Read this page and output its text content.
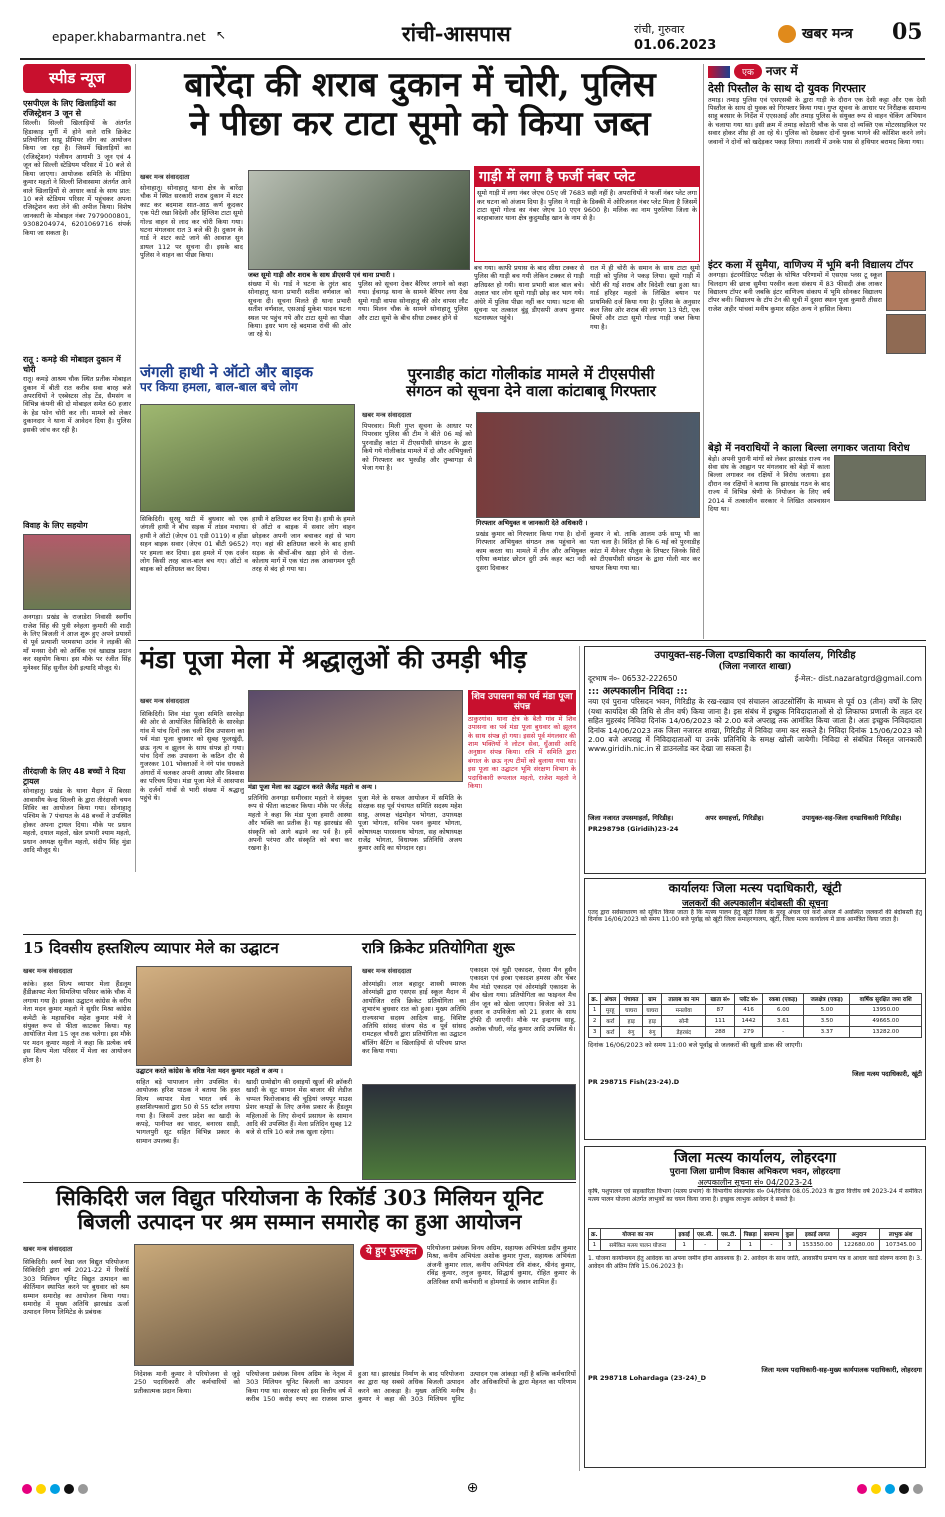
epaper.khabarmantra.net ↖	रांची-आसपास	रांची, गुरुवार
01.06.2023
खबर मन्त्र 05
स्पीड न्यूज
एसपीएल के लिए खिलाड़ियों का रजिस्ट्रेशन 3 जून से
सिल्ली। सिल्ली खिलाड़ियों के अंतर्गत हिडाकाड़ मुर्गी में होने वाले रात्रि क्रिकेट प्रतियोगिता साप्रू प्रीमियर लीग का आयोजन किया जा रहा है। जिसमें खिलाड़ियों का (रजिस्ट्रेशन) पंजीयन आगामी 3 जून एवं 4 जून को सिल्ली स्टेडियम परिसर में 10 बजे से किया जाएगा। आयोजक समिति के मीडिया कुमार महतो ने सिल्ली शिवास्समा अंतर्गत आने वाले खिलाड़ियों से आधार कार्ड के साथ प्रात: 10 बजे स्टेडियम परिसर में पहुंचकर अपना रजिस्ट्रेशन करा लेने की अपील किया। विशेष जानकारी के मोबाइल नंबर 7979000801, 9308204974, 6201069716 संपर्क किया जा सकता है।
रातू : कमड़े की मोबाइल दुकान में चोरी
रातू। कमड़े आश्रम चौक स्थित प्रतीक मोबाइल दुकान में बीती रात करीब सवा बारह बजे अपराधियों ने एस्बेस्टस तोड़ टेंड, सैमसंग व विभिन्न कंपनी की दो मोबाइल समेत 60 हजार के हेड फोन चोरी कर ली। मामले को लेकर दुकानदार ने थाना में आवेदन दिया है। पुलिस इसकी जांच कर रही है।
विवाह के लिए सहयोग
अनगड़ा। प्रखंड के राजाडेरा निवासी स्वर्गीय राजेश सिंह की पुत्री स्नेहला कुमारी की शादी के लिए बिजली ने आज शुरू हुए अपने प्रयासों से पूर्व प्रत्याशी परमसभा उरांव ने लड़की की माँ मनसा देवी को अर्थिक एवं खाद्यान्न प्रदान कर सहयोग किया। इस मौके पर रंजीत सिंह मुनेश्वर सिंह सुनील देवी इत्यादि मौजूद थे।
तीरंदाजी के लिए 48 बच्चों ने दिया ट्रायल
सोनाहातू। प्रखंड के थाना मैदान में बिरसा आवासीय केन्द्र सिल्ली के द्वारा तीरंदाजी चयन शिविर का आयोजन किया गया। सोनाहातू पश्चिम के 7 पंचायत के 48 बच्चों ने उपस्थित होकर अपना ट्रायल दिया। मौके पर प्रधान महतो, दयाल महतो, खेल प्रभारी श्याम महतो, प्रधान अध्यक्ष सुनील महतो, संदीप सिंह मुंडा आदि मौजूद थे।
बारेंदा की शराब दुकान में चोरी, पुलिस
ने पीछा कर टाटा सूमो को किया जब्त
खबर मन्त्र संवाददाता
सोनाहातू। सोनाहातू थाना क्षेत्र के बारेंदा चौक में स्थित सरकारी शराब दुकान में शटर काट कर बदमाश सात-आठ कर्ण कूदकर एक पेटी रखा विदेशी और हिंग्लिश टाटा सूमो गोल्ड वाहन से लाद कर चोरी किया गया। घटना मंगलवार रात 3 बजे की है। दुकान के गार्ड ने शटर काटे जाने की आवाज सुन डायल 112 पर सूचना दी। इसके बाद पुलिस ने वाहन का पीछा किया।
जब्त सूमो गाड़ी और शराब के साथ डीएसपी एवं थाना प्रभारी ।
गाड़ी में लगा है फर्जी नंबर प्लेट
सूमो गाड़ी में लगा नंबर जेएच 05ए जी 7683 सही नहीं है। अपराधियों ने फर्जी नंबर प्लेट लगा कर घटना को अंजाम दिया है। पुलिस ने गाड़ी के डिक्की में ओरिजनल नंबर प्लेट मिला है जिसमें टाटा सूमो गोल्ड का नंबर जेएच 10 एएन 9600 है। मलिक का नाम पुरुलिया जिला के बरहाबाजार थाना क्षेत्र कुदुमडीह खान के नाम से है।
संख्या में थे। गार्ड ने घटना के तुरंत बाद सोनाहातू थाना प्रभारी सतीश वर्णवाल को सूचना दी। सूचना मिलते ही थाना प्रभारी सतीश वर्णवाल, एसआई मुकेश यादव घटना स्थल पर पहुंच गये और टाटा सूमो का पीछा किया। इधर भाग रहे बदमाश रांची की ओर जा रहे थे।
पुलिस को सूचना देकर बैरियर लगाने को कहा गया। ईचागढ़ थाना के सामने बैरियर लगा देख सूमो गाड़ी वापस सोनाहातू की ओर वापस लौट गया। मिलन चौक के सामने सोनाहातू पुलिस और टाटा सूमो के बीच सीधा टक्कर होने से
बच गया। काफी प्रयास के बाद सीधा टक्कर से पुलिस की गाड़ी बच गयी लेकिन टक्कर से गाड़ी क्षतिग्रस्त हो गयी। थाना प्रभारी बाल बाल बचे। अज्ञात चार लोग सूमो गाड़ी छोड़ कर भाग गये। अंधेरे में पुलिस पीछा नहीं कर पाया। घटना की सूचना पर तत्काल बुंडू डीएसपी अजय कुमार घटनास्थल पहुंचे।
रात में ही चोरी के समान के साथ टाटा सूमो गाड़ी को पुलिस ने पकड़ लिया। सूमो गाड़ी में चोरी की गई शराब और विदेशी रखा हुआ था। गार्ड हरिहर महतो के लिखित बयान पर प्राथमिकी दर्ज किया गया है। पुलिस के अनुसार कल जिस ओर शराब की लगभग 13 पेटी, एक बियरें और टाटा सूमो गोल्ड गाड़ी जब्त किया गया है।
जंगली हाथी ने ऑटो और बाइक
पर किया हमला, बाल-बाल बचे लोग
सिकिदिरी। सुरसु घाटी में बुधवार को एक जंगली हाथी ने बीच सड़क में तांडव मचाया। हाथी ने ऑटो (जेएच 01 एडी 0119) व होंडा सहन बाइक सवार (जेएच 01 बीटी 9652) पर हमला कर दिया। इस हमले में एक दर्जन लोग किसी तरह बाल-बाल बच गए। ऑटो व बाइक को क्षतिग्रस्त कर दिया।
हाथी ने क्षतिग्रस्त कर दिया है। हाथी के हमले से ऑटो व बाइक में सवार लोग वाहन छोड़कर अपनी जान बचाकर वहां से भाग गए। वहां की क्षतिग्रस्त करने के बाद हाथी सड़क के बीचों-बीच खड़ा होने से रोला-कोलाघ मार्ग में एक घंटा तक आवागमन पूरी तरह से बंद हो गया था।
पुरनाडीह कांटा गोलीकांड मामले में टीएसपीसी
संगठन को सूचना देने वाला कांटाबाबू गिरफ्तार
खबर मन्त्र संवाददाता
पिपरवार। मिली गुप्त सूचना के आधार पर पिपरवार पुलिस की टीम ने बीते 06 मई को पुरनाडीह कांटा में टीएसपीसी संगठन के द्वारा किये गये गोलीकांड मामले में दो और अभियुक्तों को गिरफ्तार कर भुरुडीह और तुम्बागड़ा से भेजा गया है।
गिरफ्तार अभियुक्त व जानकारी देते अधिकारी ।
प्रखंड कुमार को गिरफ्तार किया गया है। दोनों गिरफ्तार अभियुक्त संगठन तक पहुंचाने का काम करता था। मामले में तीन और अभियुक्त एरिया कमांडर छोटन दुरी उर्फ कहर बटा नदी दूसरा दिवाकर
कुमार ने बो. ताकि आलम उर्फ सप्पू भी का पता चला है। विदित हो कि 6 मई को पुरनाडीह कांटा में मैनेजर पौलुस के लिफ्टर जिनके सिरों को टीएसपीसी संगठन के द्वारा गोली मार कर घायल किया गया था।
एक	नजर में
देसी पिस्तौल के साथ दो युवक गिरफ्तार
तमाड़। तमाड़ पुलिस एवं एसएसबी के द्वारा गाड़ी के दौरान एक देसी कट्टा और एक देसी पिस्तौल के साथ दो युवक को गिरफ्तार किया गया। गुप्त सूचना के आधार पर निरीक्षक सामान्य साहु बरसार के निर्देश में एएसआई और तमाड़ पुलिस के संयुक्त रूप से वाहन चेकिंग अभियान के चलाया गया था। इसी क्रम में तमाड़ कोठारी चौक के पास दो व्यक्ति एक मोटरसाइकिल पर सवार होकर शीघ्र ही आ रहे थे। पुलिस को देखकर दोनों युवक भागने की कोशिश करने लगे। जवानों ने दोनों को खदेड़कर पकड़ लिया। तलाशी में उनके पास से हथियार बरामद किया गया।
इंटर कला में सुमैया, वाणिज्य में भूमि बनी विद्यालय टॉपर
अनगड़ा। इंटरमीडिएट परीक्षा के घोषित परिणामों में एसएस प्लस टू स्कूल चिलदाग की छात्रा सुमैया परवीन कला संकाय में 83 फीसदी अंक लाकर विद्यालय टॉपर बनी जबकि इंटर वाणिज्य संकाय में भूमि सोनकर विद्यालय टॉपर बनी। विद्यालय के टॉप टेन की सूची में दूसरा स्थान पूजा कुमारी तीसरा राजेश अहीर पांचवां मनीष कुमार सहित अन्य ने हासिल किया।
बेड़ो में नवराधियों ने काला बिल्ला लगाकर जताया विरोध
बेड़ो। अपनी पुरानी मांगों को लेकर झारखंड राज्य नव सेवा संघ के आह्वान पर मंगलवार को बेड़ो में काला बिल्ला लगाकर नव रक्षियों ने विरोध जताया। इस दौरान नव रक्षियों ने बताया कि झारखंड गठन के बाद राज्य में विभिन्न श्रेणी के नियोजन के लिए वर्ष 2014 में तत्कालीन सरकार ने लिखित आश्वासन दिया था।
मंडा पूजा मेला में श्रद्धालुओं की उमड़ी भीड़
खबर मन्त्र संवाददाता
सिकिदिरी। शिव मंडा पूजा समिति सारवेड़ा की ओर से आयोजित सिकिदिरी के सारवेड़ा गांव में पांच दिनों तक चली शिव उपासना का पर्व मंडा पूजा बुधवार को सुबह फूलखुंदी, छऊ नृत्य व झूलन के साथ संपन्न हो गया। पांच दिनों तक उपासना के कठिन दौर से गुजरकर 101 भोक्ताओं ने नंगे पांव धधकते अंगारों में चलकर अपनी आस्था और विश्वास का परिचय दिया। मंडा पूजा मेले में आसपास के दर्जनों गांवों से भारी संख्या में श्रद्धालु पहुंचे थे।
मंडा पूजा मेला का उद्घाटन करते जैलेंद्र महतो व अन्य ।
प्रतिनिधि अनगड़ा समीरवार महतो ने संयुक्त रूप से फीता काटकर किया। मौके पर जैलेंद्र महतो ने कहा कि मंडा पूजा हमारी आस्था और भक्ति का प्रतीक है। यह झारखंड की संस्कृति को आगे बढ़ाने का पर्व है। हमें अपनी परंपरा और संस्कृति को बचा कर रखना है।
पूजा मेले के सफल आयोजन में समिति के संरक्षक सह पूर्व पंचायत समिति सदस्य महेश साहु, अध्यक्ष चंद्रमोहन भोगता, उपाध्यक्ष पूजा भोगता, सचिव पवन कुमार भोगता, कोषाध्यक्ष पारसनाथ भोगता, सह कोषाध्यक्ष राजेंद्र भोगता, विधायक प्रतिनिधि अजय कुमार आदि का योगदान रहा।
शिव उपासना का पर्व मंडा पूजा संपन्न
ठाकुरगांव। थाना क्षेत्र के बैतौ गांव में शिव उपासना का पर्व मंडा पूजा बुधवार को झूलन के साथ संपन्न हो गया। इससे पूर्व मंगलवार की शाम भक्तियों ने लोटन सेवा, धुँआसी आदि अनुष्ठान संपन्न किया। रात्रि में समिति द्वारा बंगाल के छऊ नृत्य टीमों को बुलाया गया था। इस पूजा का उद्घाटन भूमि संरक्षण विभाग के पदाधिकारी रूपलाल महतो, राजेश महतो ने किया।
उपायुक्त-सह-जिला दण्डाधिकारी का कार्यालय, गिरिडीह
(जिला नजारत शाखा)
दूरभाष नं०- 06532-222650	ई-मेल:- dist.nazaratgrd@gmail.com
::: अल्पकालीन निविदा :::
नया एवं पुराना परिसदन भवन, गिरिडीह के रख-रखाव एवं संचालन आउटसोर्सिंग के माध्यम से पूर्व 03 (तीन) वर्षों के लिए (यथा कार्यादेश की तिथि से तीन वर्ष) किया जाना है। इस संबंध में इच्छुक निविदादाताओं से दो लिफाफा प्रणाली के तहत दर सहित मुहरबंद निविदा दिनांक 14/06/2023 को 2.00 बजे अपराह्न तक आमंत्रित किया जाता है। अतः इच्छुक निविदादाता दिनांक 14/06/2023 तक जिला नजारत शाखा, गिरिडीह में निविदा जमा कर सकते है। निविदा दिनांक 15/06/2023 को 2.00 बजे अपराह्न में निविदादाताओं या उनके प्रतिनिधि के समक्ष खोली जायेगी। निविदा से संबंधित विस्तृत जानकारी www.giridih.nic.in से डाउनलोड कर देखा जा सकता है।
जिला नजारत उपसमाहर्ता, गिरिडीह।	अपर समाहर्त्ता, गिरिडीह।	उपायुक्त-सह-जिला दण्डाधिकारी गिरिडीह।
PR298798 (Giridih)23-24
कार्यालयः जिला मत्स्य पदाधिकारी, खूंटी
जलकरों की अल्पकालीन बंदोबस्ती की सूचना
एतद् द्वारा सर्वसाधारण को सूचित किया जाता है कि मत्स्य पालन हेतु खूंटी जिला के मुरहू अंचल एवं कर्रा अंचल में अवस्थित जलकरों की बंदोबस्ती हेतु दिनांक 16/06/2023 को समय 11:00 बजे पूर्वाह्न को खूंटी जिला समाहरणालय, खूंटी, जिला मत्स्य कार्यालय में डाक आमंत्रित किया जाता है।
क्र.	अंचल	पंचायत	ग्राम	तालाब का नाम	खाता सं०	प्लॉट सं०	रकबा (एकड़)	जलक्षेत्र (एकड़)	वार्षिक सुरक्षित जमा राशि
1	मुरहू	घाघरा	घाघरा	मनलोवा	87	416	6.00	5.00	13950.00
2	कर्रा	हाड़	हाड़	सोनी	111	1442	3.61	3.50	49665.00
3	कर्रा	रुंगु	रुंगु	डेहरबंद	288	279	-	3.37	13282.00
दिनांक 16/06/2023 को समय 11:00 बजे पूर्वाह्न से जलकरों की खुली डाक की जाएगी।
जिला मत्स्य पदाधिकारी, खूंटी
PR 298715 Fish(23-24).D
जिला मत्स्य कार्यालय, लोहरदगा
पुराना जिला ग्रामीण विकास अभिकरण भवन, लोहरदगा
अल्पकालीन सूचना सं० 04/2023-24
कृषि, पशुपालन एवं सहकारिता विभाग (मत्स्य प्रभाग) के विभागीय संकल्पांक सं० 04/दिनांक 08.05.2023 के द्वारा वित्तीय वर्ष 2023-24 में समेकित मत्स्य पालन योजना अंतर्गत लाभुकों का चयन किया जाना है। इच्छुक लाभुक आवेदन दे सकते है।
क्र.	योजना का नाम	इकाई	एस.सी.	एस.टी.	पिछड़ा	सामान्य	कुल	इकाई लागत	अनुदान	लाभुक अंश
1	समेकित मत्स्य पालन योजना	1	-	2	1	-	3	153350.00	122680.00	107345.00
1. योजना कार्यान्वयन हेतु आवेदक का अपना जमीन होना आवश्यक है। 2. आवेदन के साथ जाति, आवासीय प्रमाण पत्र व आधार कार्ड संलग्न करना है। 3. आवेदन की अंतिम तिथि 15.06.2023 है।
जिला मत्स्य पदाधिकारी-सह-मुख्य कार्यपालक पदाधिकारी, लोहरदगा
PR 298718 Lohardaga (23-24)_D
15 दिवसीय हस्तशिल्प व्यापार मेले का उद्घाटन
खबर मन्त्र संवाददाता
कांके। हस्त शिल्प व्यापार मेला हैंडलूम हैंडीक्राफ्ट मेला सिमलिया परिसर कांके चौक में लगाया गया है। इसका उद्घाटन कांग्रेस के वरीय नेता मदन कुमार महतो ने सुधीर मिश्रा कांग्रेस कमेटी के महासचिव महेश कुमार मंत्री ने संयुक्त रूप से फीता काटकर किया। यह आयोजित मेला 15 जून तक चलेगा। इस मौके पर मदन कुमार महतो ने कहा कि प्रत्येक वर्ष इस शिल्प मेला परिसर में मेला का आयोजन होता है।
उद्घाटन करते कांग्रेस के वरिष्ठ नेता मदन कुमार महतो व अन्य ।
सहित बड़े पापाजान लोग उपस्थित थे। आयोजक हरिश पाठक ने बताया कि हस्त शिल्प व्यापार मेला भारत वर्ष के हस्तशिल्पकारों द्वारा 50 से 55 स्टॉल लगाया गया है। जिसमें उत्तर प्रदेश का खादी के कपड़े, पानीपत का चादर, बनारस साड़ी, भागलपुरी सूट सहित विभिन्न प्रकार के सामान उपलब्ध हैं।
खादी ग्रामोद्योग की दवाइयों खुर्जा की क्रॉकरी खादी के सूट सामान मेंस बाजार की लेडीज चप्पल फिरोजाबाद की चूड़ियां जयपुर माउस प्रेशर कपड़ों के लिए अनेक प्रकार के हैंडलूम महिलाओं के लिए सेन्दर्य प्रसाधन के सामान आदि की उपस्थित हैं। मेला प्रतिदिन सुबह 12 बजे से रात्रि 10 बजे तक खुला रहेगा।
रात्रि क्रिकेट प्रतियोगिता शुरू
खबर मन्त्र संवाददाता
ओरमांझी। लाल बहादुर शास्त्री स्मारक ओरमांझी द्वारा एसएस हाई स्कूल मैदान में आयोजित रात्रि क्रिकेट प्रतियोगिता का शुभारंभ बुधवार रात को हुआ। मुख्य अतिथि राज्यसभा सदस्य आदित्य साहु, विशिष्ट अतिथि सांसद संजय सेठ व पूर्व सांसद रामटहल चौधरी द्वारा प्रतियोगिता का उद्घाटन बॉलिंग बैटिंग व खिलाड़ियों से परिचय प्राप्त कर किया गया।
एकादश एवं यूडी एकादश, ऐसरा मैन हुसैन एकादश एवं इरबा एकादश हमरस और चेंबर मैच मंडो एकादश एवं ओरमांझी एकादश के बीच खेला गया। प्रतियोगिता का फाइनल मैच तीन जून को खेला जाएगा। विजेता को 31 हजार व उपविजेता को 21 हजार के साथ ट्रॉफी दी जाएगी। मौके पर इन्द्रनाथ साहु, अशोक चौधरी, नरेंद्र कुमार आदि उपस्थित थे।
सिकिदिरी जल विद्युत परियोजना के रिकॉर्ड 303 मिलियन यूनिट
बिजली उत्पादन पर श्रम सम्मान समारोह का हुआ आयोजन
खबर मन्त्र संवाददाता
सिकिदिरी। स्वर्ण रेखा जल विद्युत परियोजना सिकिदिरी द्वारा वर्ष 2021-22 में रिकॉर्ड 303 मिलियन यूनिट विद्युत उत्पादन का कीर्तिमान स्थापित करने पर बुधवार को श्रम सम्मान समारोह का आयोजन किया गया। समारोह में मुख्य अतिथि झारखंड ऊर्जा उत्पादन निगम लिमिटेड के प्रबंधक
ये हुए पुरस्कृत	परियोजना प्रबंधक विनय अग्रिम, सहायक अभियंता प्रदीप कुमार मिश्रा, कनीय अभियंता अशोक कुमार गुप्ता, सहायक अभियंता अंजनी कुमार लाल, कनीय अभियंता रवि शंकर, श्रीनंद कुमार, रविंद्र कुमार, तनुज कुमार, सिद्धार्थ कुमार, रोहित कुमार के अतिरिक्त सभी कर्मचारी व होमगार्ड के जवान शामिल हैं।
निदेशक मानी कुमार ने परियोजना से जुड़े 250 पदाधिकारी और कर्मचारियों को प्रतीकात्मक प्रदान किया।
परियोजना प्रबंधक विनय अग्रिम के नेतृत्व में 303 मिलियन यूनिट बिजली का उत्पादन किया गया था। सरकार को इस वित्तीय वर्ष में करीब 150 करोड़ रुपए का राजस्व प्राप्त हुआ था। झारखंड निर्माण के बाद परियोजना का द्वारा यह सबसे अधिक बिजली उत्पादन करने का आकड़ा है। मुख्य अतिथि मनीष कुमार ने कहा की 303 मिलियन यूनिट उत्पादन एक आंकड़ा नहीं है बल्कि कर्मचारियों और अधिकारियों के द्वारा मेहनत का परिणाम है।
⊕
